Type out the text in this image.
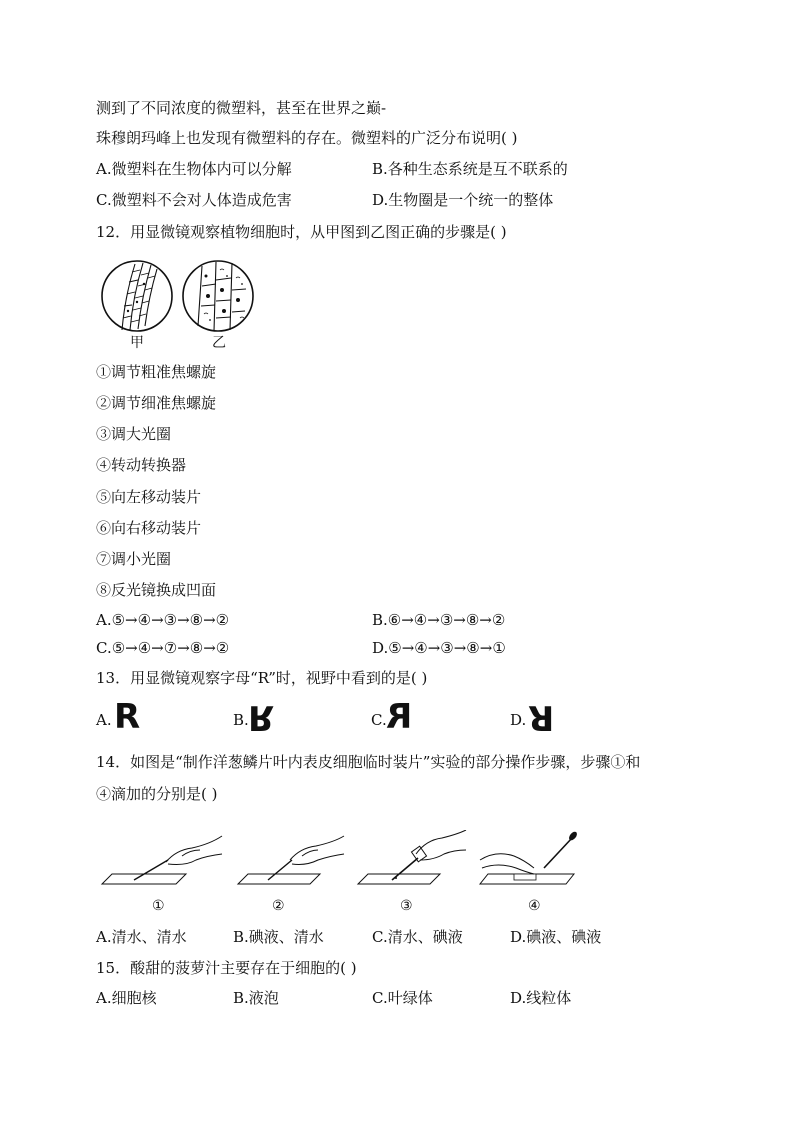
测到了不同浓度的微塑料，甚至在世界之巅-
珠穆朗玛峰上也发现有微塑料的存在。微塑料的广泛分布说明( )
A.微塑料在生物体内可以分解	B.各种生态系统是互不联系的
C.微塑料不会对人体造成危害	D.生物圈是一个统一的整体
12．用显微镜观察植物细胞时，从甲图到乙图正确的步骤是( )
甲	乙
①调节粗准焦螺旋
②调节细准焦螺旋
③调大光圈
④转动转换器
⑤向左移动装片
⑥向右移动装片
⑦调小光圈
⑧反光镜换成凹面
A.⑤→④→③→⑧→②	B.⑥→④→③→⑧→②
C.⑤→④→⑦→⑧→②	D.⑤→④→③→⑧→①
13．用显微镜观察字母“R”时，视野中看到的是( )
A. R	B. R	C. R	D. R
14．如图是“制作洋葱鳞片叶内表皮细胞临时装片”实验的部分操作步骤，步骤①和
④滴加的分别是( )
①	②	③	④
A.清水、清水	B.碘液、清水	C.清水、碘液	D.碘液、碘液
15．酸甜的菠萝汁主要存在于细胞的( )
A.细胞核	B.液泡	C.叶绿体	D.线粒体
